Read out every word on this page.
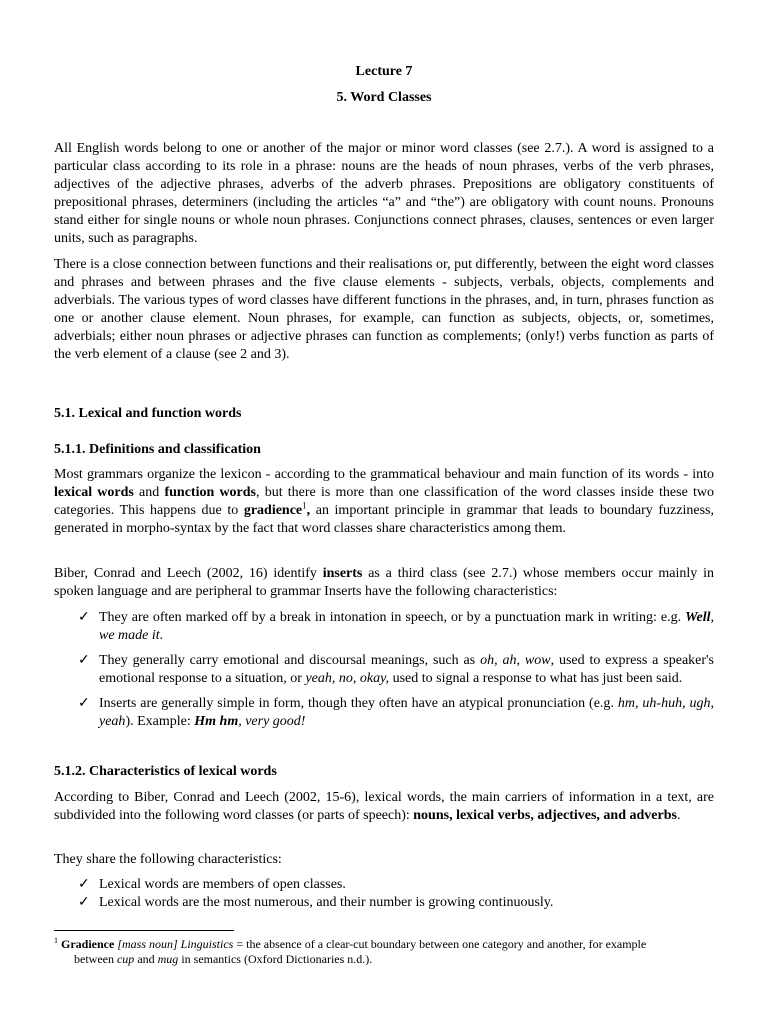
Lecture 7
5. Word Classes

All English words belong to one or another of the major or minor word classes (see 2.7.). A word is assigned to a particular class according to its role in a phrase: nouns are the heads of noun phrases, verbs of the verb phrases, adjectives of the adjective phrases, adverbs of the adverb phrases. Prepositions are obligatory constituents of prepositional phrases, determiners (including the articles “a” and “the”) are obligatory with count nouns. Pronouns stand either for single nouns or whole noun phrases. Conjunctions connect phrases, clauses, sentences or even larger units, such as paragraphs.

There is a close connection between functions and their realisations or, put differently, between the eight word classes and phrases and between phrases and the five clause elements - subjects, verbals, objects, complements and adverbials. The various types of word classes have different functions in the phrases, and, in turn, phrases function as one or another clause element. Noun phrases, for example, can function as subjects, objects, or, sometimes, adverbials; either noun phrases or adjective phrases can function as complements; (only!) verbs function as parts of the verb element of a clause (see 2 and 3).

5.1. Lexical and function words
5.1.1. Definitions and classification

Most grammars organize the lexicon - according to the grammatical behaviour and main function of its words - into lexical words and function words, but there is more than one classification of the word classes inside these two categories. This happens due to gradience$^1$, an important principle in grammar that leads to boundary fuzziness, generated in morpho-syntax by the fact that word classes share characteristics among them.

Biber, Conrad and Leech (2002, 16) identify inserts as a third class (see 2.7.) whose members occur mainly in spoken language and are peripheral to grammar Inserts have the following characteristics:

✓ They are often marked off by a break in intonation in speech, or by a punctuation mark in writing: e.g. Well, we made it.
✓ They generally carry emotional and discoursal meanings, such as oh, ah, wow, used to express a speaker's emotional response to a situation, or yeah, no, okay, used to signal a response to what has just been said.
✓ Inserts are generally simple in form, though they often have an atypical pronunciation (e.g. hm, uh-huh, ugh, yeah). Example: Hm hm, very good!
5.1.2. Characteristics of lexical words

According to Biber, Conrad and Leech (2002, 15-6), lexical words, the main carriers of information in a text, are subdivided into the following word classes (or parts of speech): nouns, lexical verbs, adjectives, and adverbs.

They share the following characteristics:

✓ Lexical words are members of open classes.
✓ Lexical words are the most numerous, and their number is growing continuously.

$^1$ Gradience [mass noun] Linguistics = the absence of a clear-cut boundary between one category and another, for example
between cup and mug in semantics (Oxford Dictionaries n.d.).
